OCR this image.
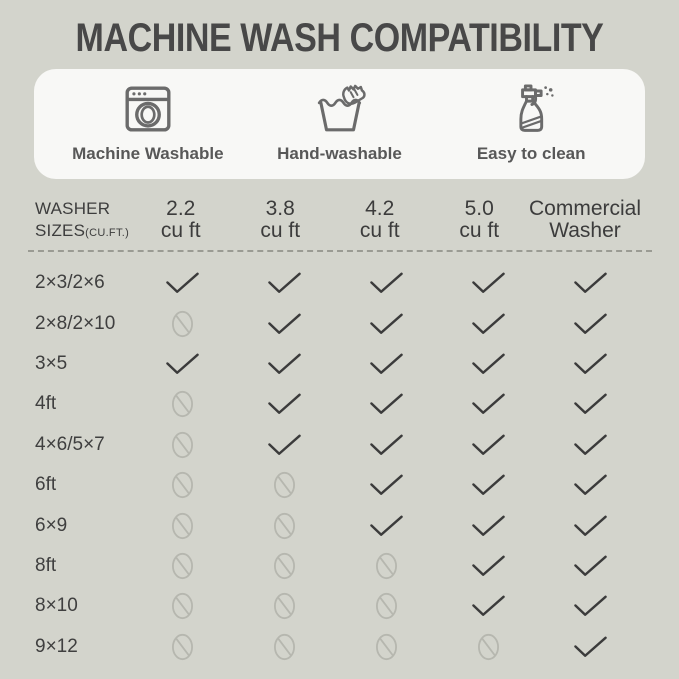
MACHINE WASH COMPATIBILITY
Machine Washable	Hand-washable	Easy to clean
WASHER
SIZES(CU.FT.)
2.2
cu ft
3.8
cu ft
4.2
cu ft
5.0
cu ft
Commercial
Washer
2×3/2×6
2×8/2×10
3×5
4ft
4×6/5×7
6ft
6×9
8ft
8×10
9×12
